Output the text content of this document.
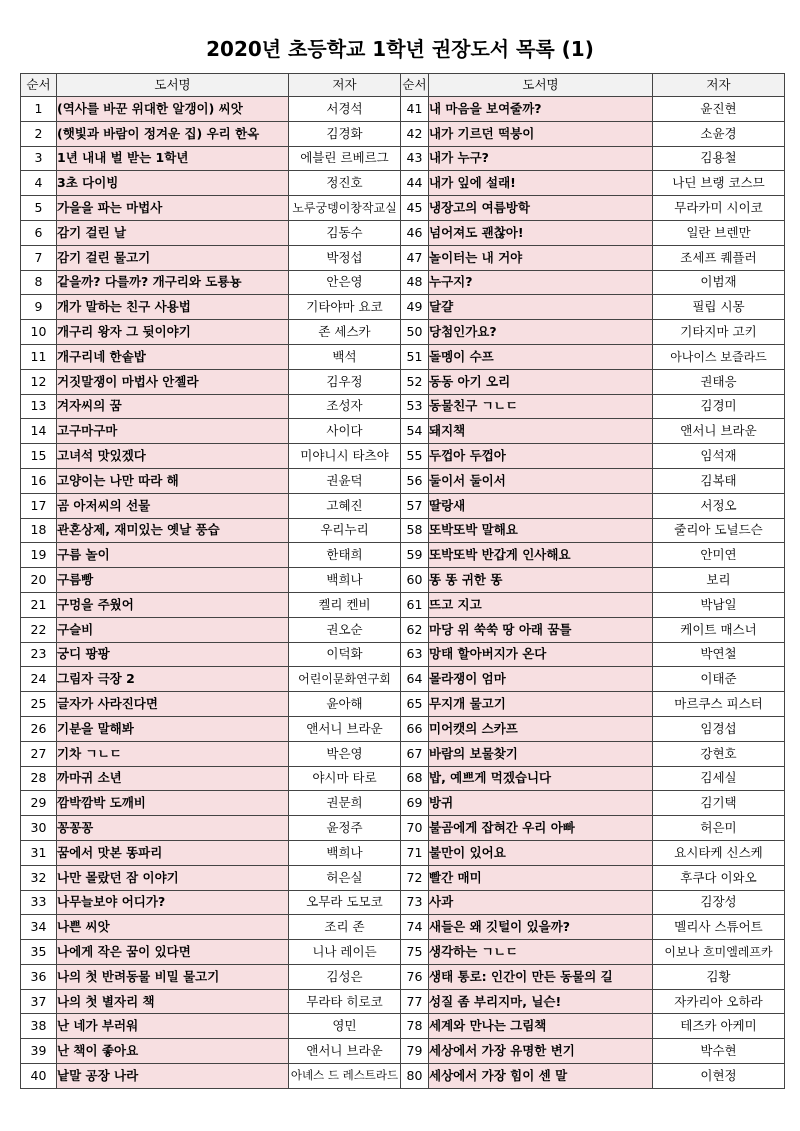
2020년 초등학교 1학년 권장도서 목록 (1)
순서	도서명	저자	순서	도서명	저자
1	(역사를 바꾼 위대한 알갱이) 씨앗	서경석	41	내 마음을 보여줄까?	윤진현
2	(햇빛과 바람이 정겨운 집) 우리 한옥	김경화	42	내가 기르던 떡붕이	소윤경
3	1년 내내 벌 받는 1학년	에블린 르베르그	43	내가 누구?	김용철
4	3초 다이빙	정진호	44	내가 잎에 설래!	나딘 브랭 코스므
5	가을을 파는 마법사	노루궁뎅이창작교실	45	냉장고의 여름방학	무라카미 시이코
6	감기 걸린 날	김동수	46	넘어져도 괜찮아!	일란 브렌만
7	감기 걸린 물고기	박정섭	47	놀이터는 내 거야	조세프 퀘플러
8	같을까? 다를까? 개구리와 도룡뇽	안은영	48	누구지?	이범재
9	개가 말하는 친구 사용법	기타야마 요코	49	달걀	필립 시몽
10	개구리 왕자 그 뒷이야기	존 세스카	50	당첨인가요?	기타지마 고키
11	개구리네 한솥밥	백석	51	돌멩이 수프	아나이스 보즐라드
12	거짓말쟁이 마법사 안젤라	김우정	52	동동 아기 오리	권태응
13	겨자씨의 꿈	조성자	53	동물친구 ㄱㄴㄷ	김경미
14	고구마구마	사이다	54	돼지책	앤서니 브라운
15	고녀석 맛있겠다	미야니시 타츠야	55	두껍아 두껍아	임석재
16	고양이는 나만 따라 해	권윤덕	56	둘이서 둘이서	김복태
17	곰 아저씨의 선물	고혜진	57	딸랑새	서정오
18	관혼상제, 재미있는 옛날 풍습	우리누리	58	또박또박 말해요	줄리아 도널드슨
19	구름 놀이	한태희	59	또박또박 반갑게 인사해요	안미연
20	구름빵	백희나	60	똥 똥 귀한 똥	보리
21	구멍을 주웠어	켈리 켄비	61	뜨고 지고	박남일
22	구슬비	권오순	62	마당 위 쑥쑥 땅 아래 꿈틀	케이트 매스너
23	궁디 팡팡	이덕화	63	망태 할아버지가 온다	박연철
24	그림자 극장 2	어린이문화연구회	64	몰라쟁이 엄마	이태준
25	글자가 사라진다면	윤아해	65	무지개 물고기	마르쿠스 피스터
26	기분을 말해봐	앤서니 브라운	66	미어캣의 스카프	임경섭
27	기차 ㄱㄴㄷ	박은영	67	바람의 보물찾기	강현호
28	까마귀 소년	야시마 타로	68	밥, 예쁘게 먹겠습니다	김세실
29	깜박깜박 도깨비	권문희	69	방귀	김기택
30	꽁꽁꽁	윤정주	70	불곰에게 잡혀간 우리 아빠	허은미
31	꿈에서 맛본 똥파리	백희나	71	불만이 있어요	요시타케 신스케
32	나만 몰랐던 잠 이야기	허은실	72	빨간 매미	후쿠다 이와오
33	나무늘보야 어디가?	오무라 도모코	73	사과	김장성
34	나쁜 씨앗	조리 존	74	새들은 왜 깃털이 있을까?	멜리사 스튜어트
35	나에게 작은 꿈이 있다면	니나 레이든	75	생각하는 ㄱㄴㄷ	이보나 흐미엘레프카
36	나의 첫 반려동물 비밀 물고기	김성은	76	생태 통로: 인간이 만든 동물의 길	김황
37	나의 첫 별자리 책	무라타 히로코	77	성질 좀 부리지마, 닐슨!	자카리아 오하라
38	난 네가 부러워	영민	78	세계와 만나는 그림책	테즈카 아케미
39	난 책이 좋아요	앤서니 브라운	79	세상에서 가장 유명한 변기	박수현
40	낱말 공장 나라	아녜스 드 레스트라드	80	세상에서 가장 힘이 센 말	이현정
